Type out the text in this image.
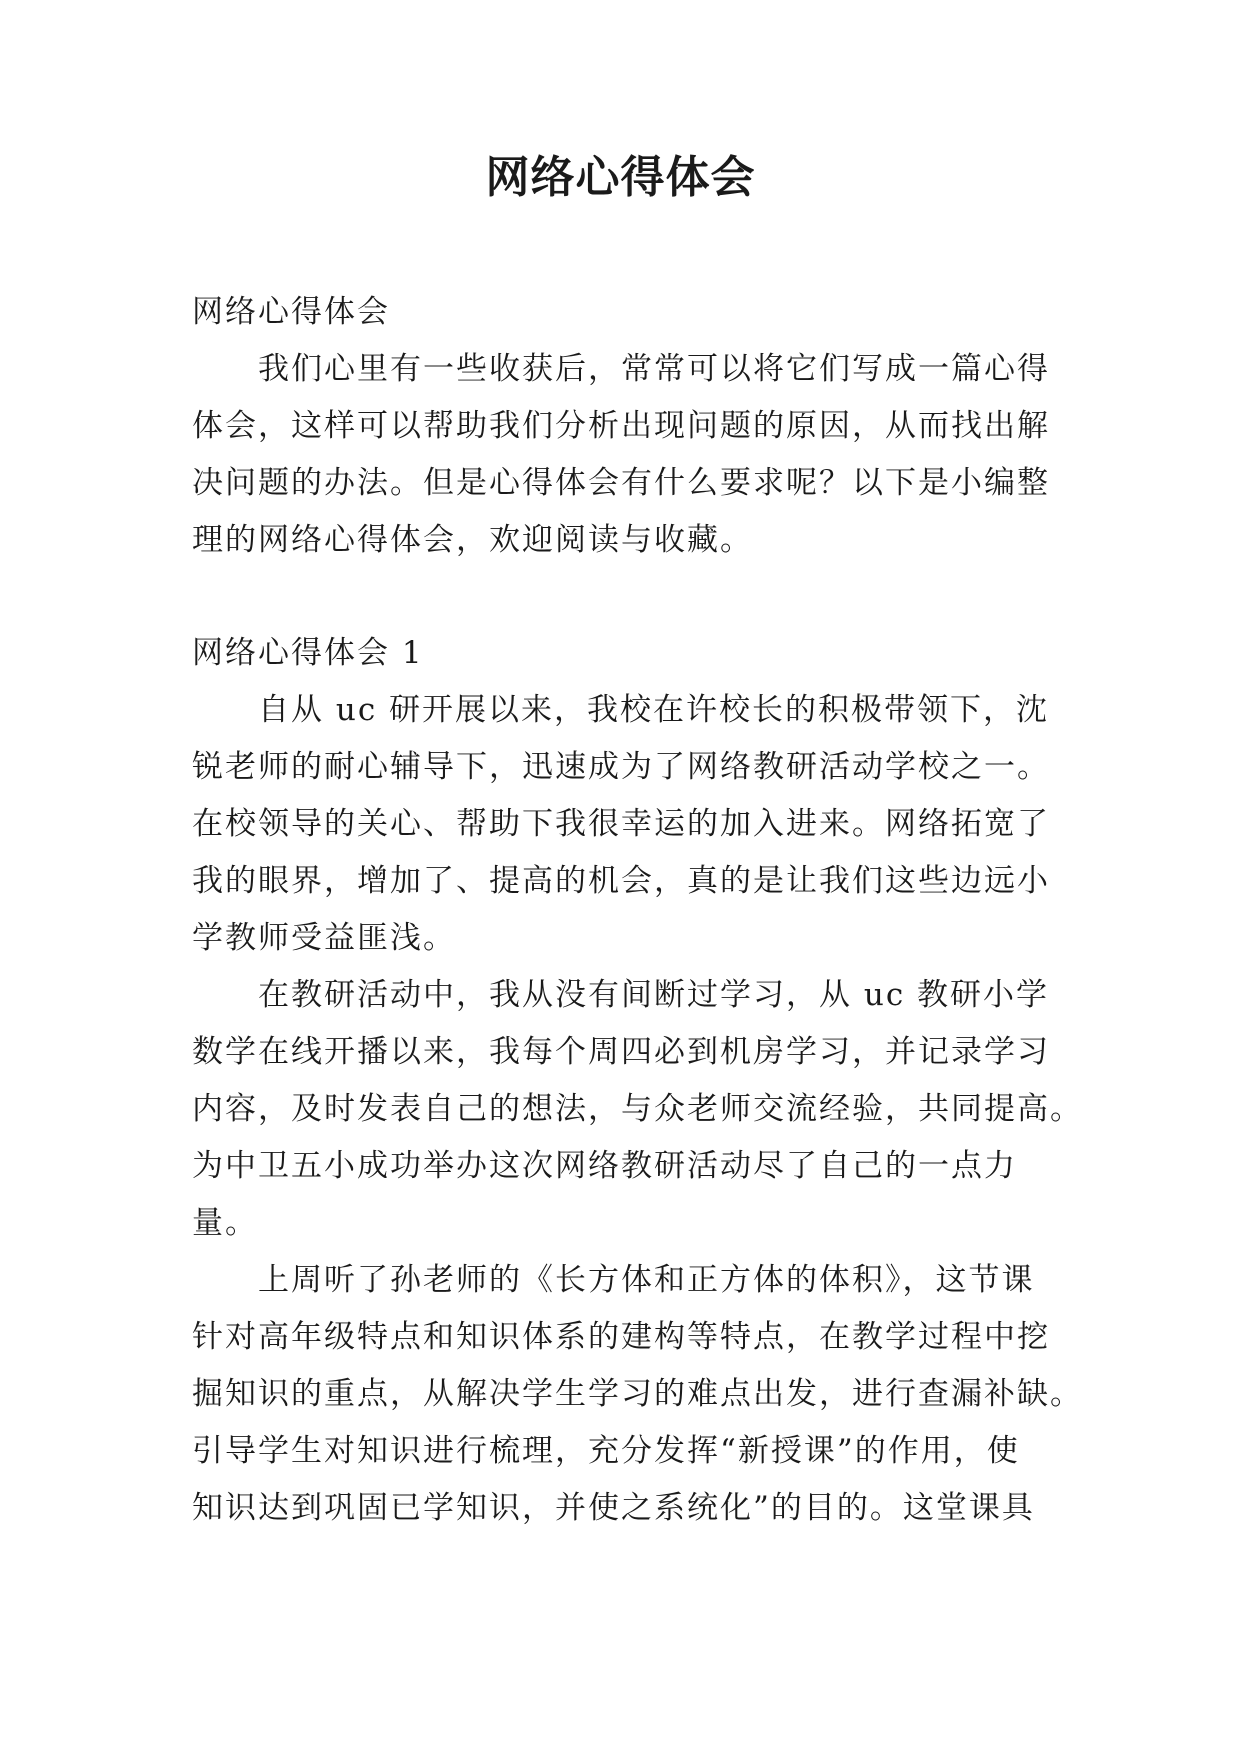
网络心得体会
网络心得体会
我们心里有一些收获后，常常可以将它们写成一篇心得
体会，这样可以帮助我们分析出现问题的原因，从而找出解
决问题的办法。但是心得体会有什么要求呢？以下是小编整
理的网络心得体会，欢迎阅读与收藏。
网络心得体会 1
自从 uc 研开展以来，我校在许校长的积极带领下，沈
锐老师的耐心辅导下，迅速成为了网络教研活动学校之一。
在校领导的关心、帮助下我很幸运的加入进来。网络拓宽了
我的眼界，增加了、提高的机会，真的是让我们这些边远小
学教师受益匪浅。
在教研活动中，我从没有间断过学习，从 uc 教研小学
数学在线开播以来，我每个周四必到机房学习，并记录学习
内容，及时发表自己的想法，与众老师交流经验，共同提高。
为中卫五小成功举办这次网络教研活动尽了自己的一点力
量。
上周听了孙老师的《长方体和正方体的体积》，这节课
针对高年级特点和知识体系的建构等特点，在教学过程中挖
掘知识的重点，从解决学生学习的难点出发，进行查漏补缺。
引导学生对知识进行梳理，充分发挥“新授课”的作用，使
知识达到巩固已学知识，并使之系统化”的目的。这堂课具
